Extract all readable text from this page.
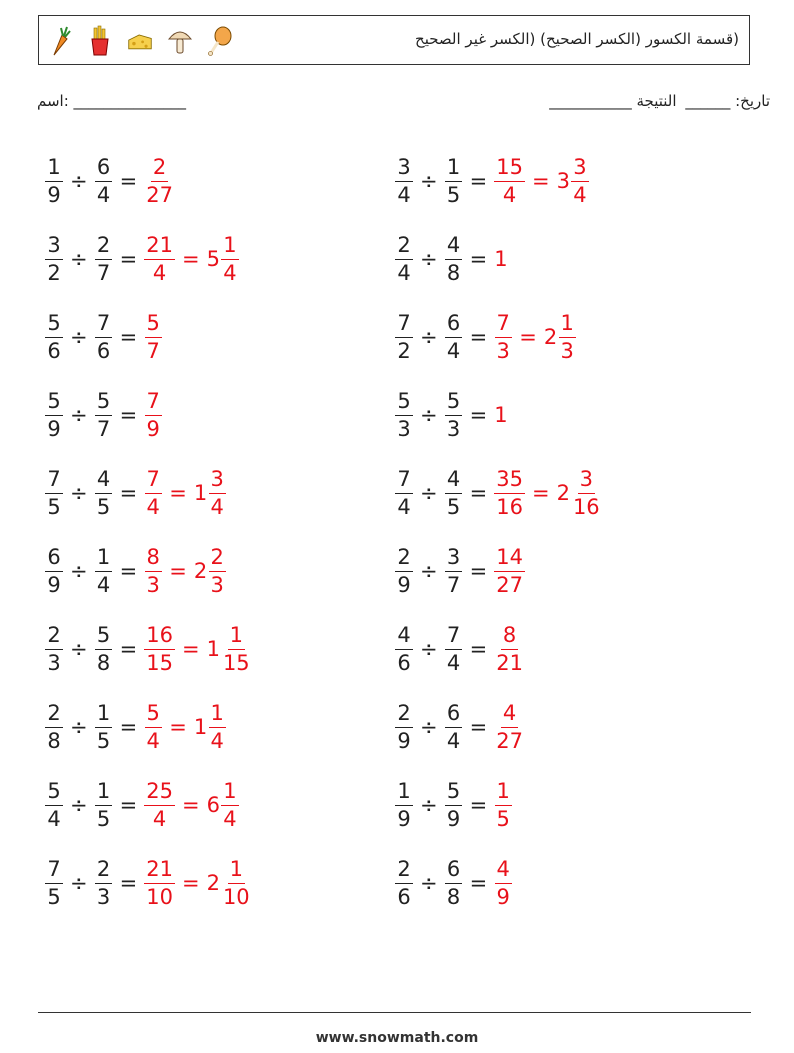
(قسمة الكسور (الكسر الصحيح) (الكسر غير الصحيح
اسم: _______________	تاريخ: ______ النتيجة ___________
$\frac{1}{9} \div \frac{6}{4} = \frac{2}{27}$
$\frac{3}{2} \div \frac{2}{7} = \frac{21}{4} = 5 \frac{1}{4}$
$\frac{5}{6} \div \frac{7}{6} = \frac{5}{7}$
$\frac{5}{9} \div \frac{5}{7} = \frac{7}{9}$
$\frac{7}{5} \div \frac{4}{5} = \frac{7}{4} = 1 \frac{3}{4}$
$\frac{6}{9} \div \frac{1}{4} = \frac{8}{3} = 2 \frac{2}{3}$
$\frac{2}{3} \div \frac{5}{8} = \frac{16}{15} = 1 \frac{1}{15}$
$\frac{2}{8} \div \frac{1}{5} = \frac{5}{4} = 1 \frac{1}{4}$
$\frac{5}{4} \div \frac{1}{5} = \frac{25}{4} = 6 \frac{1}{4}$
$\frac{7}{5} \div \frac{2}{3} = \frac{21}{10} = 2 \frac{1}{10}$
$\frac{3}{4} \div \frac{1}{5} = \frac{15}{4} = 3 \frac{3}{4}$
$\frac{2}{4} \div \frac{4}{8} = 1$
$\frac{7}{2} \div \frac{6}{4} = \frac{7}{3} = 2 \frac{1}{3}$
$\frac{5}{3} \div \frac{5}{3} = 1$
$\frac{7}{4} \div \frac{4}{5} = \frac{35}{16} = 2 \frac{3}{16}$
$\frac{2}{9} \div \frac{3}{7} = \frac{14}{27}$
$\frac{4}{6} \div \frac{7}{4} = \frac{8}{21}$
$\frac{2}{9} \div \frac{6}{4} = \frac{4}{27}$
$\frac{1}{9} \div \frac{5}{9} = \frac{1}{5}$
$\frac{2}{6} \div \frac{6}{8} = \frac{4}{9}$
www.snowmath.com
